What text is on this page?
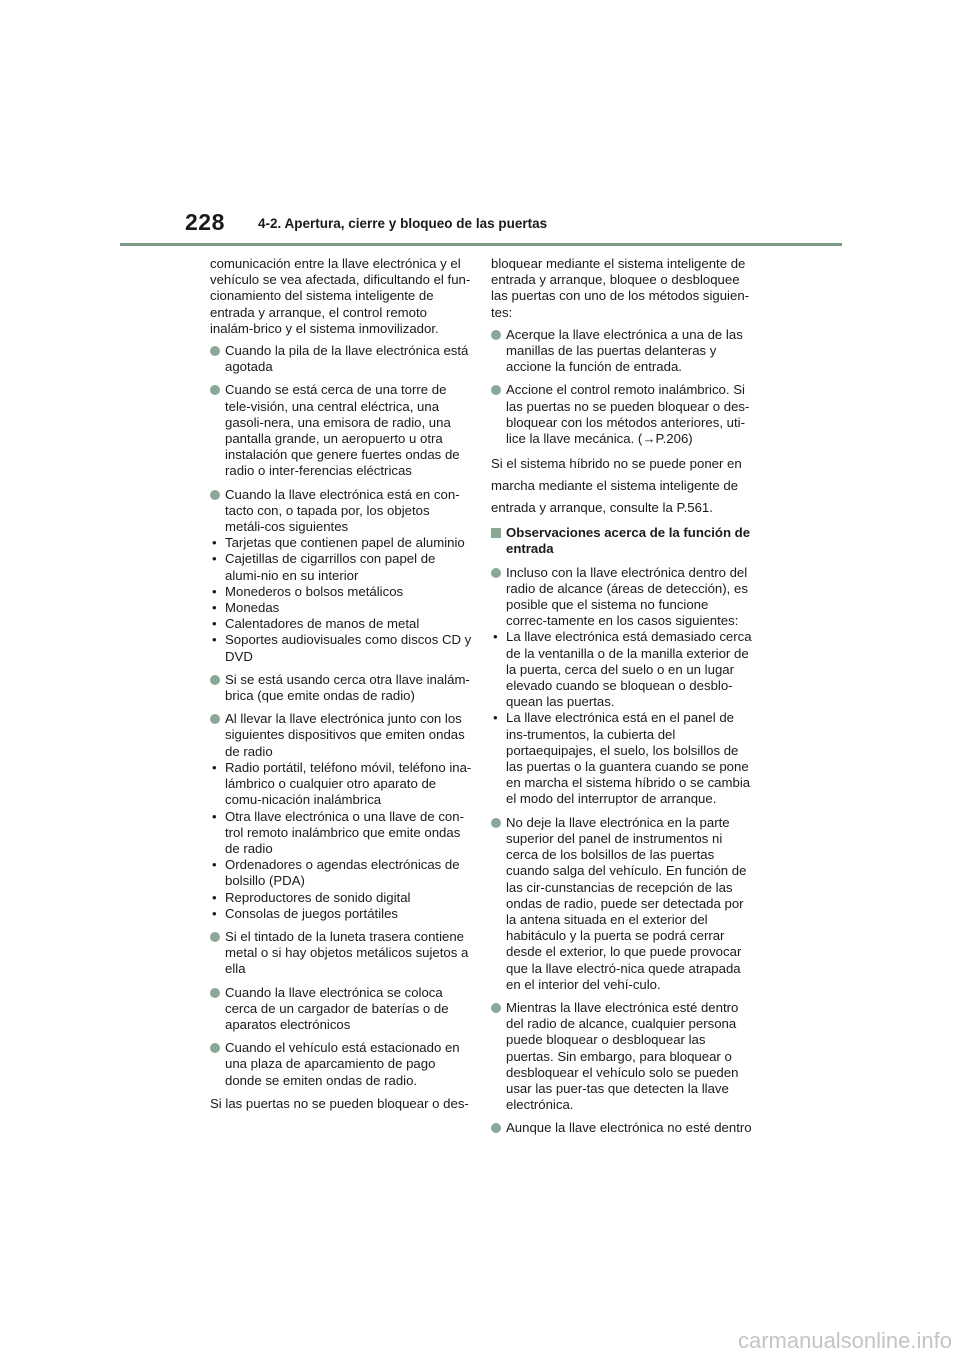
228 4-2. Apertura, cierre y bloqueo de las puertas

comunicación entre la llave electrónica y el vehículo se vea afectada, dificultando el fun-cionamiento del sistema inteligente de entrada y arranque, el control remoto inalám-brico y el sistema inmovilizador.

Cuando la pila de la llave electrónica está agotada
Cuando se está cerca de una torre de tele-visión, una central eléctrica, una gasoli-nera, una emisora de radio, una pantalla grande, un aeropuerto u otra instalación que genere fuertes ondas de radio o inter-ferencias eléctricas
Cuando la llave electrónica está en con-tacto con, o tapada por, los objetos metáli-cos siguientes
• Tarjetas que contienen papel de aluminio
• Cajetillas de cigarrillos con papel de alumi-nio en su interior
• Monederos o bolsos metálicos
• Monedas
• Calentadores de manos de metal
• Soportes audiovisuales como discos CD y DVD
Si se está usando cerca otra llave inalám-brica (que emite ondas de radio)
Al llevar la llave electrónica junto con los siguientes dispositivos que emiten ondas de radio
• Radio portátil, teléfono móvil, teléfono ina-lámbrico o cualquier otro aparato de comu-nicación inalámbrica
• Otra llave electrónica o una llave de con-trol remoto inalámbrico que emite ondas de radio
• Ordenadores o agendas electrónicas de bolsillo (PDA)
• Reproductores de sonido digital
• Consolas de juegos portátiles
Si el tintado de la luneta trasera contiene metal o si hay objetos metálicos sujetos a ella
Cuando la llave electrónica se coloca cerca de un cargador de baterías o de aparatos electrónicos
Cuando el vehículo está estacionado en una plaza de aparcamiento de pago donde se emiten ondas de radio.

Si las puertas no se pueden bloquear o des-

bloquear mediante el sistema inteligente de entrada y arranque, bloquee o desbloquee las puertas con uno de los métodos siguien-tes:

Acerque la llave electrónica a una de las manillas de las puertas delanteras y accione la función de entrada.
Accione el control remoto inalámbrico. Si las puertas no se pueden bloquear o des-bloquear con los métodos anteriores, uti-lice la llave mecánica. (→P.206)

Si el sistema híbrido no se puede poner en

marcha mediante el sistema inteligente de

entrada y arranque, consulte la P.561.

Observaciones acerca de la función de entrada
Incluso con la llave electrónica dentro del radio de alcance (áreas de detección), es posible que el sistema no funcione correc-tamente en los casos siguientes:
• La llave electrónica está demasiado cerca de la ventanilla o de la manilla exterior de la puerta, cerca del suelo o en un lugar elevado cuando se bloquean o desblo-quean las puertas.
• La llave electrónica está en el panel de ins-trumentos, la cubierta del portaequipajes, el suelo, los bolsillos de las puertas o la guantera cuando se pone en marcha el sistema híbrido o se cambia el modo del interruptor de arranque.
No deje la llave electrónica en la parte superior del panel de instrumentos ni cerca de los bolsillos de las puertas cuando salga del vehículo. En función de las cir-cunstancias de recepción de las ondas de radio, puede ser detectada por la antena situada en el exterior del habitáculo y la puerta se podrá cerrar desde el exterior, lo que puede provocar que la llave electró-nica quede atrapada en el interior del vehí-culo.
Mientras la llave electrónica esté dentro del radio de alcance, cualquier persona puede bloquear o desbloquear las puertas. Sin embargo, para bloquear o desbloquear el vehículo solo se pueden usar las puer-tas que detecten la llave electrónica.
Aunque la llave electrónica no esté dentro
carmanualsonline.info
